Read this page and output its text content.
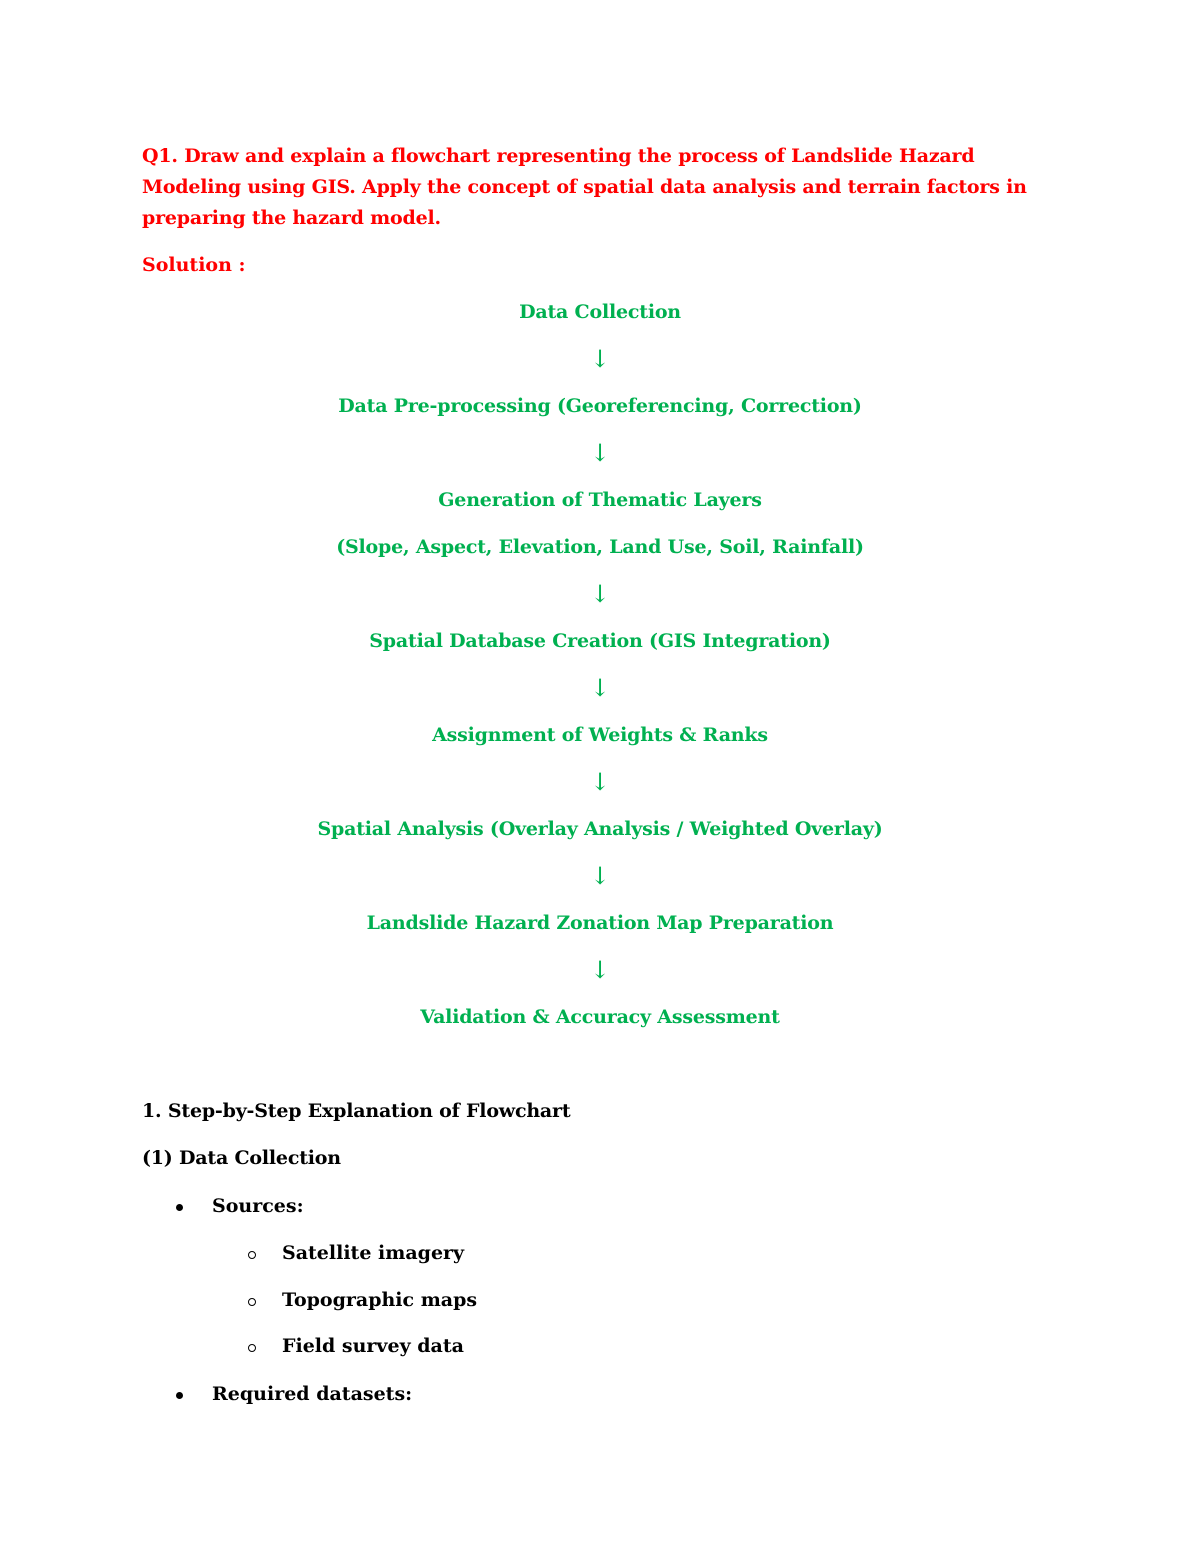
Q1. Draw and explain a flowchart representing the process of Landslide Hazard Modeling using GIS. Apply the concept of spatial data analysis and terrain factors in preparing the hazard model.

Solution :

Data Collection

↓

Data Pre-processing (Georeferencing, Correction)

↓

Generation of Thematic Layers

(Slope, Aspect, Elevation, Land Use, Soil, Rainfall)

↓

Spatial Database Creation (GIS Integration)

↓

Assignment of Weights & Ranks

↓

Spatial Analysis (Overlay Analysis / Weighted Overlay)

↓

Landslide Hazard Zonation Map Preparation

↓

Validation & Accuracy Assessment

1. Step-by-Step Explanation of Flowchart

(1) Data Collection

Sources:
Satellite imagery
Topographic maps
Field survey data
Required datasets:
